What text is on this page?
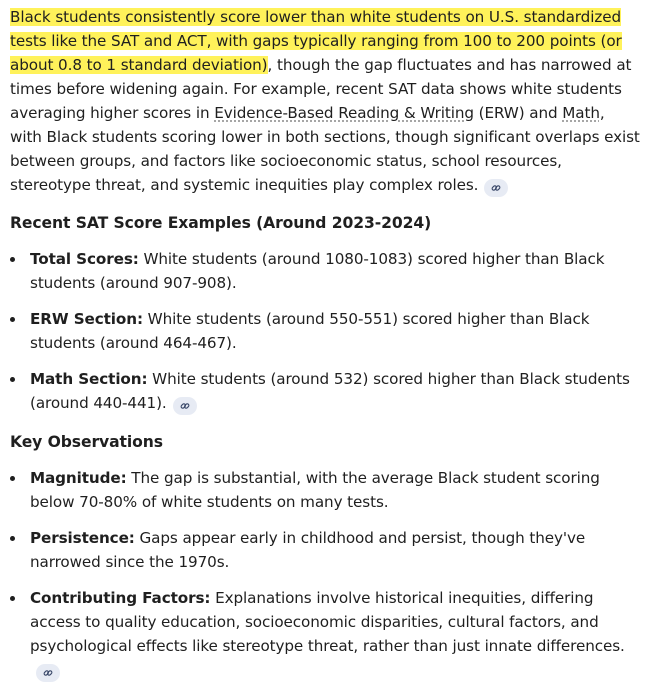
Black students consistently score lower than white students on U.S. standardized tests like the SAT and ACT, with gaps typically ranging from 100 to 200 points (or about 0.8 to 1 standard deviation), though the gap fluctuates and has narrowed at times before widening again. For example, recent SAT data shows white students averaging higher scores in Evidence-Based Reading & Writing (ERW) and Math, with Black students scoring lower in both sections, though significant overlaps exist between groups, and factors like socioeconomic status, school resources, stereotype threat, and systemic inequities play complex roles.

Recent SAT Score Examples (Around 2023-2024)
Total Scores: White students (around 1080-1083) scored higher than Black students (around 907-908).
ERW Section: White students (around 550-551) scored higher than Black students (around 464-467).
Math Section: White students (around 532) scored higher than Black students (around 440-441).
Key Observations
Magnitude: The gap is substantial, with the average Black student scoring below 70-80% of white students on many tests.
Persistence: Gaps appear early in childhood and persist, though they've narrowed since the 1970s.
Contributing Factors: Explanations involve historical inequities, differing access to quality education, socioeconomic disparities, cultural factors, and psychological effects like stereotype threat, rather than just innate differences.
